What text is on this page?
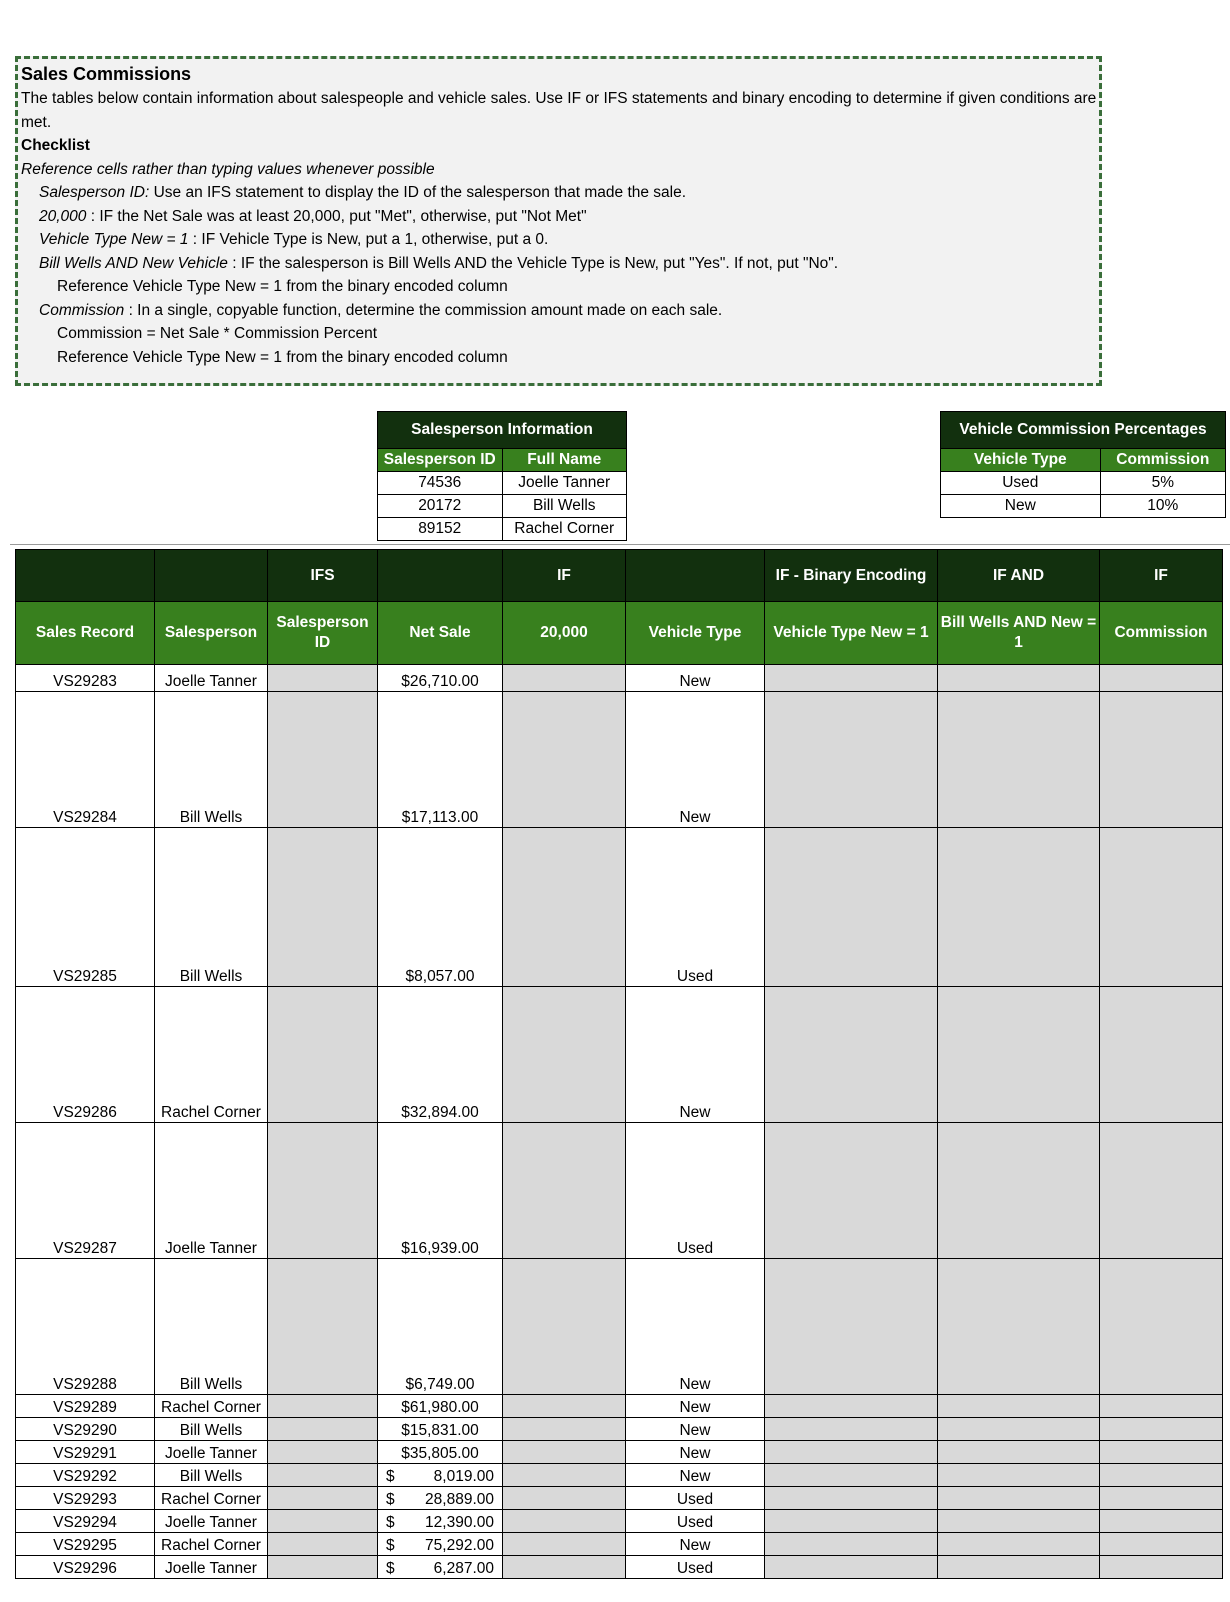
Sales Commissions
The tables below contain information about salespeople and vehicle sales. Use IF or IFS statements and binary encoding to determine if given conditions are met.
Checklist
Reference cells rather than typing values whenever possible
Salesperson ID: Use an IFS statement to display the ID of the salesperson that made the sale.
20,000 : IF the Net Sale was at least 20,000, put "Met", otherwise, put "Not Met"
Vehicle Type New = 1 : IF Vehicle Type is New, put a 1, otherwise, put a 0.
Bill Wells AND New Vehicle : IF the salesperson is Bill Wells AND the Vehicle Type is New, put "Yes". If not, put "No".
Reference Vehicle Type New = 1 from the binary encoded column
Commission : In a single, copyable function, determine the commission amount made on each sale.
Commission = Net Sale * Commission Percent
Reference Vehicle Type New = 1 from the binary encoded column
Salesperson Information	
Salesperson ID	Full Name
74536	Joelle Tanner
20172	Bill Wells
89152	Rachel Corner
Vehicle Commission Percentages	
Vehicle Type	Commission
Used	5%
New	10%
		IFS		IF		IF - Binary Encoding	IF AND	IF
Sales Record	Salesperson	Salesperson ID	Net Sale	20,000	Vehicle Type	Vehicle Type New = 1	Bill Wells AND New = 1	Commission
VS29283	Joelle Tanner		$26,710.00		New			
VS29284	Bill Wells		$17,113.00		New			
VS29285	Bill Wells		$8,057.00		Used			
VS29286	Rachel Corner		$32,894.00		New			
VS29287	Joelle Tanner		$16,939.00		Used			
VS29288	Bill Wells		$6,749.00		New			
VS29289	Rachel Corner		$61,980.00		New			
VS29290	Bill Wells		$15,831.00		New			
VS29291	Joelle Tanner		$35,805.00		New			
VS29292	Bill Wells		$ 8,019.00		New			
VS29293	Rachel Corner		$ 28,889.00		Used			
VS29294	Joelle Tanner		$ 12,390.00		Used			
VS29295	Rachel Corner		$ 75,292.00		New			
VS29296	Joelle Tanner		$ 6,287.00		Used			
